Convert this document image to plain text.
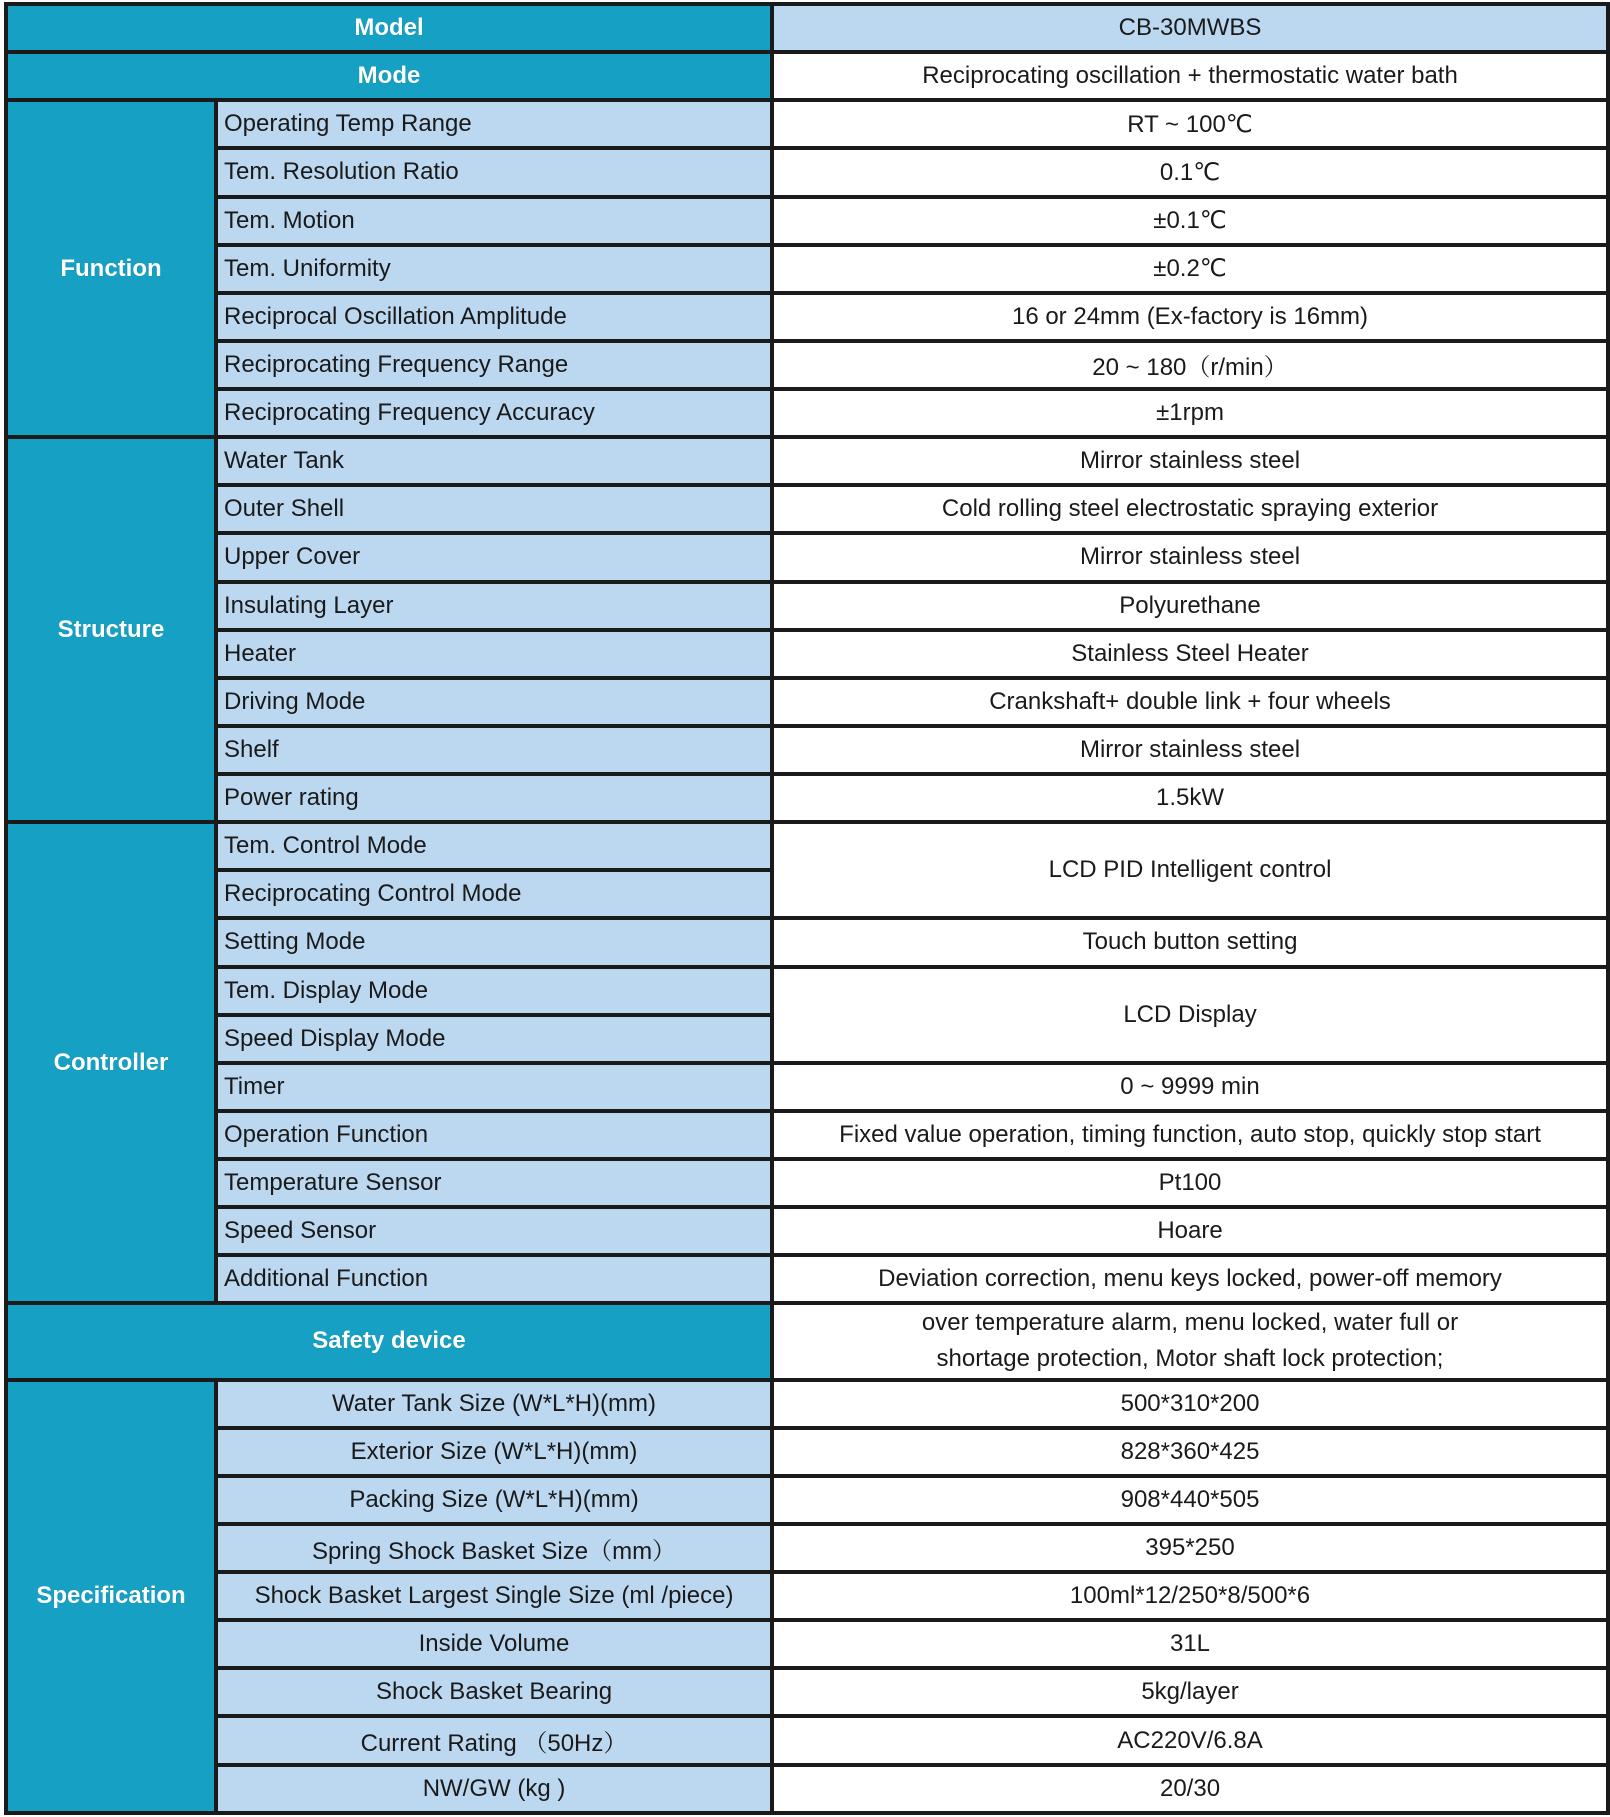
Model		CB-30MWBS
Mode		Reciprocating oscillation + thermostatic water bath
Function	Operating Temp Range	RT ~ 100℃
	Tem. Resolution Ratio	0.1℃
	Tem. Motion	±0.1℃
	Tem. Uniformity	±0.2℃
	Reciprocal Oscillation Amplitude	16 or 24mm (Ex-factory is 16mm)
	Reciprocating Frequency Range	20 ~ 180（r/min）
	Reciprocating Frequency Accuracy	±1rpm
Structure	Water Tank	Mirror stainless steel
	Outer Shell	Cold rolling steel electrostatic spraying exterior
	Upper Cover	Mirror stainless steel
	Insulating Layer	Polyurethane
	Heater	Stainless Steel Heater
	Driving Mode	Crankshaft+ double link + four wheels
	Shelf	Mirror stainless steel
	Power rating	1.5kW
Controller	Tem. Control Mode	LCD PID Intelligent control
	Reciprocating Control Mode	
	Setting Mode	Touch button setting
	Tem. Display Mode	LCD Display
	Speed Display Mode	
	Timer	0 ~ 9999 min
	Operation Function	Fixed value operation, timing function, auto stop, quickly stop start
	Temperature Sensor	Pt100
	Speed Sensor	Hoare
	Additional Function	Deviation correction, menu keys locked, power-off memory
Safety device		over temperature alarm, menu locked, water full or
shortage protection, Motor shaft lock protection;

Specification	Water Tank Size (W*L*H)(mm)	500*310*200
	Exterior Size (W*L*H)(mm)	828*360*425
	Packing Size (W*L*H)(mm)	908*440*505
	Spring Shock Basket Size（mm）	395*250
	Shock Basket Largest Single Size (ml /piece)	100ml*12/250*8/500*6
	Inside Volume	31L
	Shock Basket Bearing	5kg/layer
	Current Rating （50Hz）	AC220V/6.8A
	NW/GW (kg )	20/30
